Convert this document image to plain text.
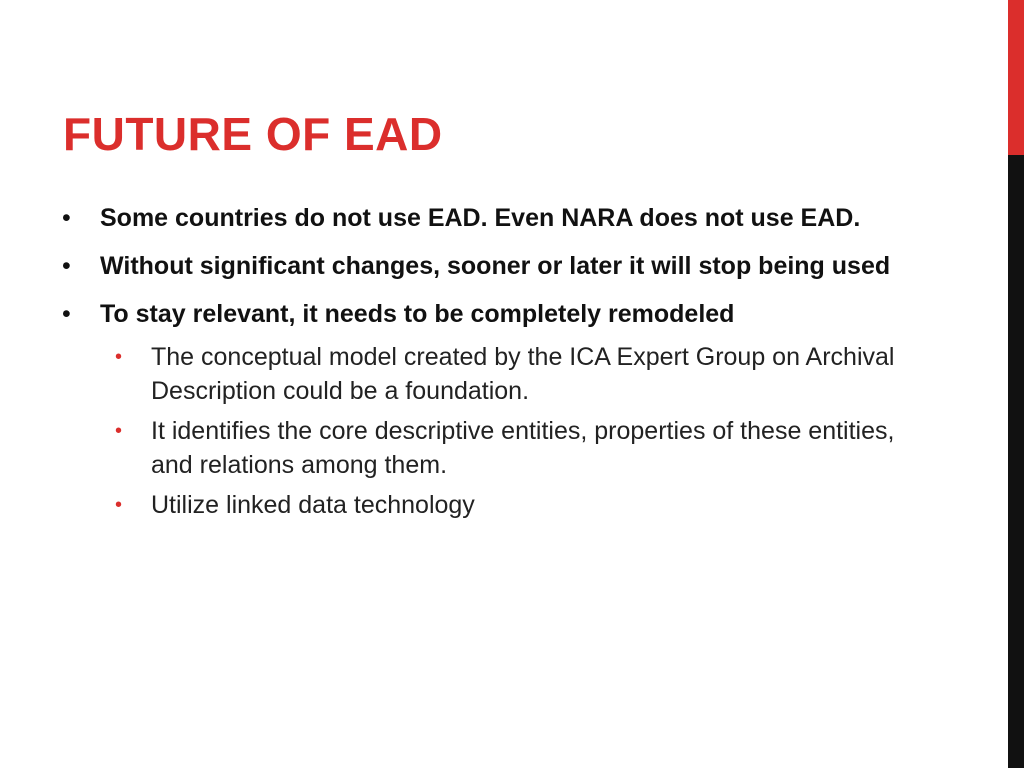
FUTURE OF EAD
• Some countries do not use EAD. Even NARA does not use EAD.
• Without significant changes, sooner or later it will stop being used
• To stay relevant, it needs to be completely remodeled
• The conceptual model created by the ICA Expert Group on Archival Description could be a foundation.
• It identifies the core descriptive entities, properties of these entities, and relations among them.
• Utilize linked data technology
